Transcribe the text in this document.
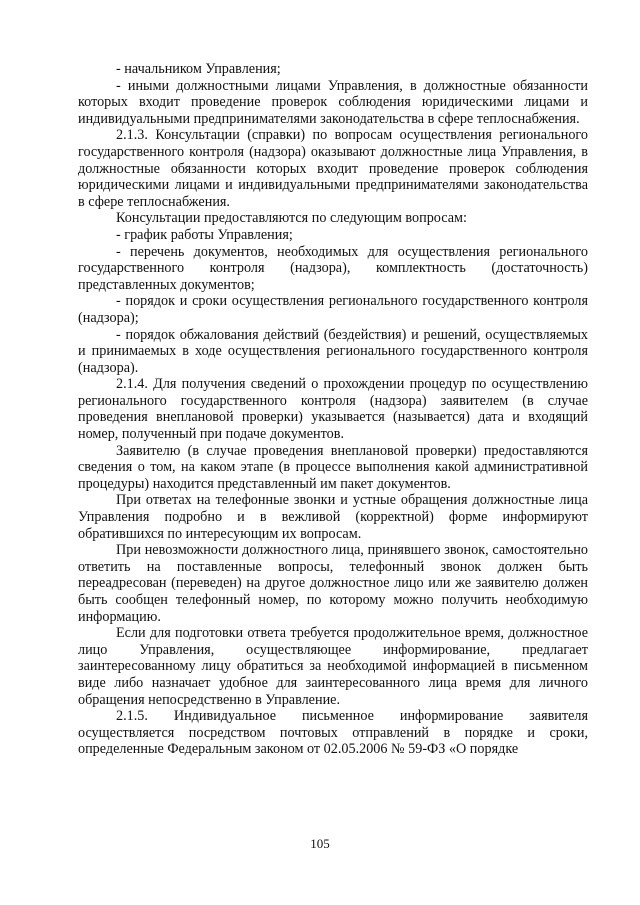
- начальником Управления;

- иными должностными лицами Управления, в должностные обязанности которых входит проведение проверок соблюдения юридическими лицами и индивидуальными предпринимателями законодательства в сфере теплоснабжения.

2.1.3. Консультации (справки) по вопросам осуществления регионального государственного контроля (надзора) оказывают должностные лица Управления, в должностные обязанности которых входит проведение проверок соблюдения юридическими лицами и индивидуальными предпринимателями законодательства в сфере теплоснабжения.

Консультации предоставляются по следующим вопросам:

- график работы Управления;

- перечень документов, необходимых для осуществления регионального государственного контроля (надзора), комплектность (достаточность) представленных документов;

- порядок и сроки осуществления регионального государственного контроля (надзора);

- порядок обжалования действий (бездействия) и решений, осуществляемых и принимаемых в ходе осуществления регионального государственного контроля (надзора).

2.1.4. Для получения сведений о прохождении процедур по осуществлению регионального государственного контроля (надзора) заявителем (в случае проведения внеплановой проверки) указывается (называется) дата и входящий номер, полученный при подаче документов.

Заявителю (в случае проведения внеплановой проверки) предоставляются сведения о том, на каком этапе (в процессе выполнения какой административной процедуры) находится представленный им пакет документов.

При ответах на телефонные звонки и устные обращения должностные лица Управления подробно и в вежливой (корректной) форме информируют обратившихся по интересующим их вопросам.

При невозможности должностного лица, принявшего звонок, самостоятельно ответить на поставленные вопросы, телефонный звонок должен быть переадресован (переведен) на другое должностное лицо или же заявителю должен быть сообщен телефонный номер, по которому можно получить необходимую информацию.

Если для подготовки ответа требуется продолжительное время, должностное лицо Управления, осуществляющее информирование, предлагает заинтересованному лицу обратиться за необходимой информацией в письменном виде либо назначает удобное для заинтересованного лица время для личного обращения непосредственно в Управление.

2.1.5. Индивидуальное письменное информирование заявителя осуществляется посредством почтовых отправлений в порядке и сроки, определенные Федеральным законом от 02.05.2006 № 59-ФЗ «О порядке

105
